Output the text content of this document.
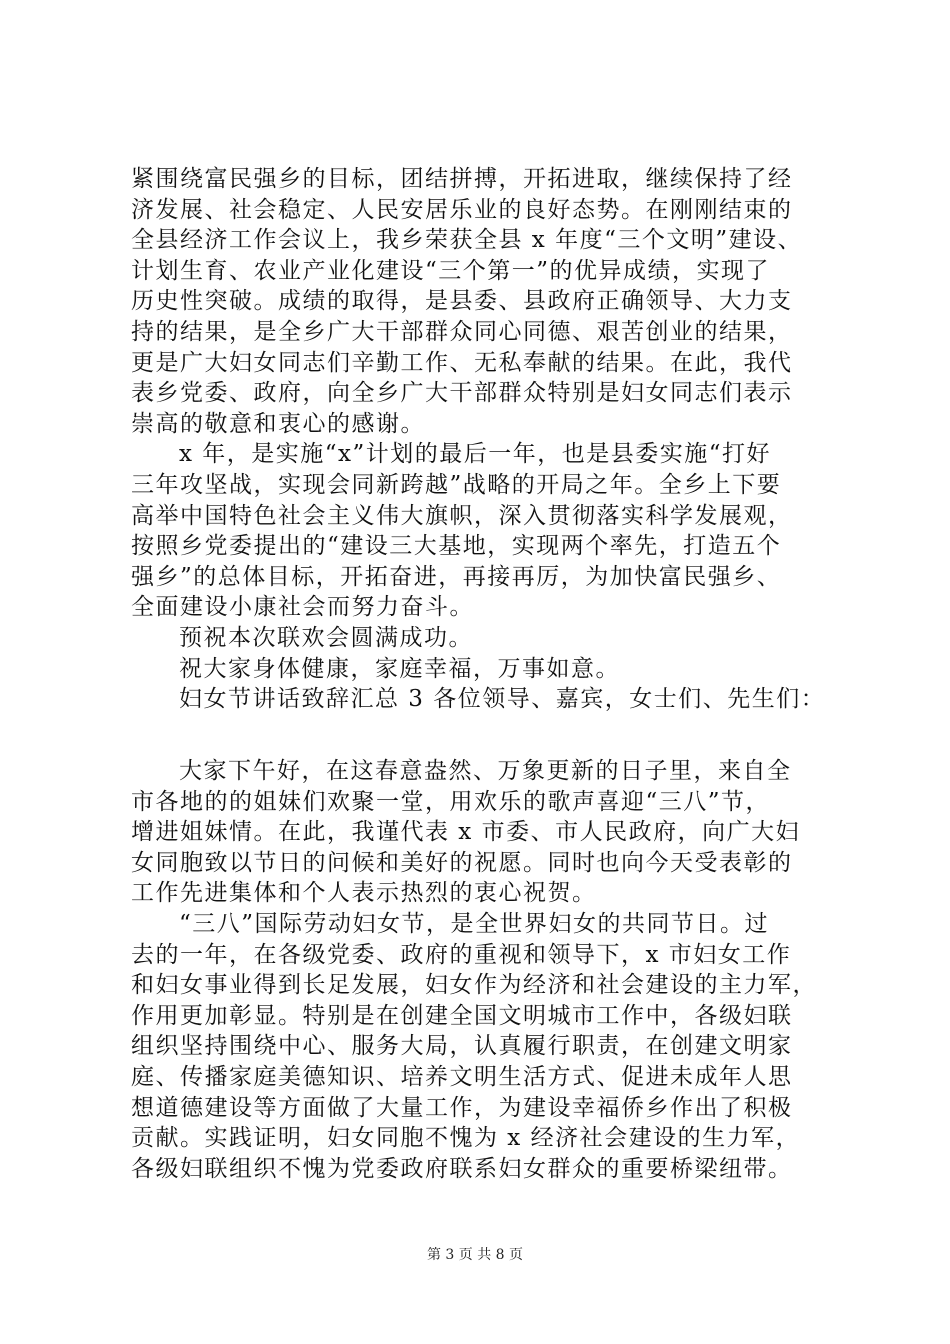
紧围绕富民强乡的目标，团结拼搏，开拓进取，继续保持了经
济发展、社会稳定、人民安居乐业的良好态势。在刚刚结束的
全县经济工作会议上，我乡荣获全县 x 年度“三个文明”建设、
计划生育、农业产业化建设“三个第一”的优异成绩，实现了
历史性突破。成绩的取得，是县委、县政府正确领导、大力支
持的结果，是全乡广大干部群众同心同德、艰苦创业的结果，
更是广大妇女同志们辛勤工作、无私奉献的结果。在此，我代
表乡党委、政府，向全乡广大干部群众特别是妇女同志们表示
崇高的敬意和衷心的感谢。
x 年，是实施“x”计划的最后一年，也是县委实施“打好
三年攻坚战，实现会同新跨越”战略的开局之年。全乡上下要
高举中国特色社会主义伟大旗帜，深入贯彻落实科学发展观，
按照乡党委提出的“建设三大基地，实现两个率先，打造五个
强乡”的总体目标，开拓奋进，再接再厉，为加快富民强乡、
全面建设小康社会而努力奋斗。
预祝本次联欢会圆满成功。
祝大家身体健康，家庭幸福，万事如意。
妇女节讲话致辞汇总 3 各位领导、嘉宾，女士们、先生们：
大家下午好，在这春意盎然、万象更新的日子里，来自全
市各地的的姐妹们欢聚一堂，用欢乐的歌声喜迎“三八”节，
增进姐妹情。在此，我谨代表 x 市委、市人民政府，向广大妇
女同胞致以节日的问候和美好的祝愿。同时也向今天受表彰的
工作先进集体和个人表示热烈的衷心祝贺。
“三八”国际劳动妇女节，是全世界妇女的共同节日。过
去的一年，在各级党委、政府的重视和领导下，x 市妇女工作
和妇女事业得到长足发展，妇女作为经济和社会建设的主力军，
作用更加彰显。特别是在创建全国文明城市工作中，各级妇联
组织坚持围绕中心、服务大局，认真履行职责，在创建文明家
庭、传播家庭美德知识、培养文明生活方式、促进未成年人思
想道德建设等方面做了大量工作，为建设幸福侨乡作出了积极
贡献。实践证明，妇女同胞不愧为 x 经济社会建设的生力军，
各级妇联组织不愧为党委政府联系妇女群众的重要桥梁纽带。
第 3 页 共 8 页
